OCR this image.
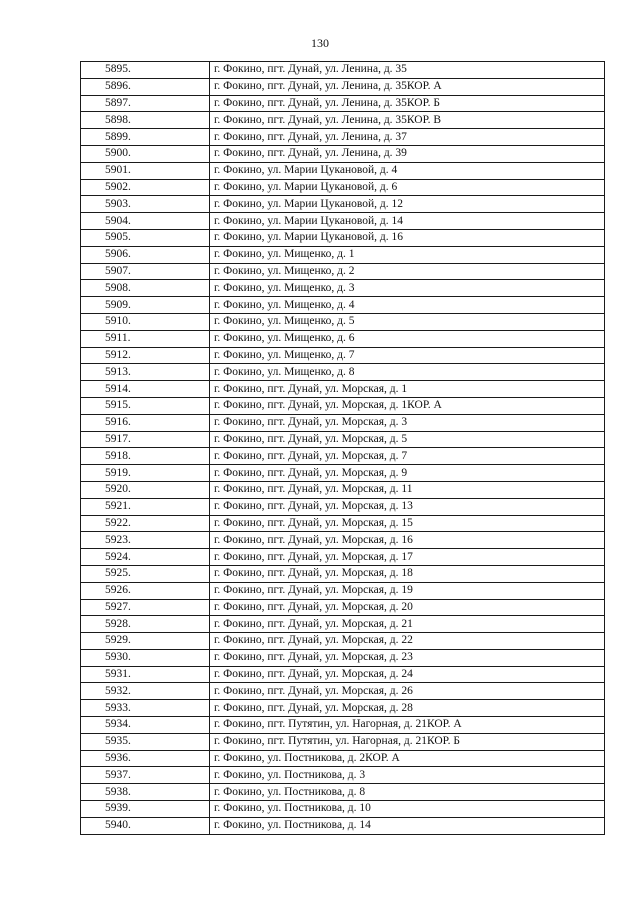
130
5895.	г. Фокино, пгт. Дунай, ул. Ленина, д. 35
5896.	г. Фокино, пгт. Дунай, ул. Ленина, д. 35КОР. А
5897.	г. Фокино, пгт. Дунай, ул. Ленина, д. 35КОР. Б
5898.	г. Фокино, пгт. Дунай, ул. Ленина, д. 35КОР. В
5899.	г. Фокино, пгт. Дунай, ул. Ленина, д. 37
5900.	г. Фокино, пгт. Дунай, ул. Ленина, д. 39
5901.	г. Фокино, ул. Марии Цукановой, д. 4
5902.	г. Фокино, ул. Марии Цукановой, д. 6
5903.	г. Фокино, ул. Марии Цукановой, д. 12
5904.	г. Фокино, ул. Марии Цукановой, д. 14
5905.	г. Фокино, ул. Марии Цукановой, д. 16
5906.	г. Фокино, ул. Мищенко, д. 1
5907.	г. Фокино, ул. Мищенко, д. 2
5908.	г. Фокино, ул. Мищенко, д. 3
5909.	г. Фокино, ул. Мищенко, д. 4
5910.	г. Фокино, ул. Мищенко, д. 5
5911.	г. Фокино, ул. Мищенко, д. 6
5912.	г. Фокино, ул. Мищенко, д. 7
5913.	г. Фокино, ул. Мищенко, д. 8
5914.	г. Фокино, пгт. Дунай, ул. Морская, д. 1
5915.	г. Фокино, пгт. Дунай, ул. Морская, д. 1КОР. А
5916.	г. Фокино, пгт. Дунай, ул. Морская, д. 3
5917.	г. Фокино, пгт. Дунай, ул. Морская, д. 5
5918.	г. Фокино, пгт. Дунай, ул. Морская, д. 7
5919.	г. Фокино, пгт. Дунай, ул. Морская, д. 9
5920.	г. Фокино, пгт. Дунай, ул. Морская, д. 11
5921.	г. Фокино, пгт. Дунай, ул. Морская, д. 13
5922.	г. Фокино, пгт. Дунай, ул. Морская, д. 15
5923.	г. Фокино, пгт. Дунай, ул. Морская, д. 16
5924.	г. Фокино, пгт. Дунай, ул. Морская, д. 17
5925.	г. Фокино, пгт. Дунай, ул. Морская, д. 18
5926.	г. Фокино, пгт. Дунай, ул. Морская, д. 19
5927.	г. Фокино, пгт. Дунай, ул. Морская, д. 20
5928.	г. Фокино, пгт. Дунай, ул. Морская, д. 21
5929.	г. Фокино, пгт. Дунай, ул. Морская, д. 22
5930.	г. Фокино, пгт. Дунай, ул. Морская, д. 23
5931.	г. Фокино, пгт. Дунай, ул. Морская, д. 24
5932.	г. Фокино, пгт. Дунай, ул. Морская, д. 26
5933.	г. Фокино, пгт. Дунай, ул. Морская, д. 28
5934.	г. Фокино, пгт. Путятин, ул. Нагорная, д. 21КОР. А
5935.	г. Фокино, пгт. Путятин, ул. Нагорная, д. 21КОР. Б
5936.	г. Фокино, ул. Постникова, д. 2КОР. А
5937.	г. Фокино, ул. Постникова, д. 3
5938.	г. Фокино, ул. Постникова, д. 8
5939.	г. Фокино, ул. Постникова, д. 10
5940.	г. Фокино, ул. Постникова, д. 14
